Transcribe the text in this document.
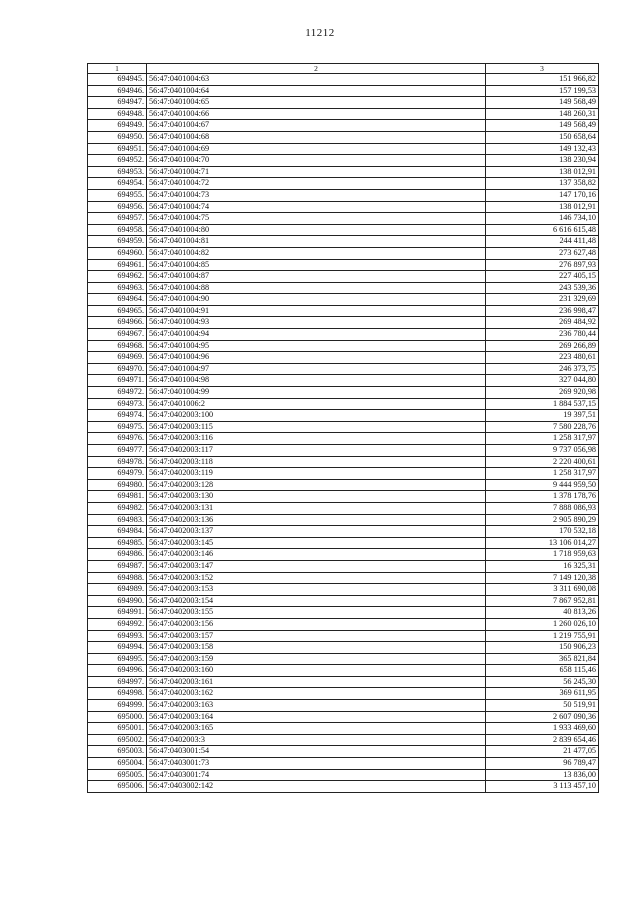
11212
1	2	3
694945.	56:47:0401004:63	151 966,82
694946.	56:47:0401004:64	157 199,53
694947.	56:47:0401004:65	149 568,49
694948.	56:47:0401004:66	148 260,31
694949.	56:47:0401004:67	149 568,49
694950.	56:47:0401004:68	150 658,64
694951.	56:47:0401004:69	149 132,43
694952.	56:47:0401004:70	138 230,94
694953.	56:47:0401004:71	138 012,91
694954.	56:47:0401004:72	137 358,82
694955.	56:47:0401004:73	147 170,16
694956.	56:47:0401004:74	138 012,91
694957.	56:47:0401004:75	146 734,10
694958.	56:47:0401004:80	6 616 615,48
694959.	56:47:0401004:81	244 411,48
694960.	56:47:0401004:82	273 627,48
694961.	56:47:0401004:85	276 897,93
694962.	56:47:0401004:87	227 405,15
694963.	56:47:0401004:88	243 539,36
694964.	56:47:0401004:90	231 329,69
694965.	56:47:0401004:91	236 998,47
694966.	56:47:0401004:93	269 484,92
694967.	56:47:0401004:94	236 780,44
694968.	56:47:0401004:95	269 266,89
694969.	56:47:0401004:96	223 480,61
694970.	56:47:0401004:97	246 373,75
694971.	56:47:0401004:98	327 044,80
694972.	56:47:0401004:99	269 920,98
694973.	56:47:0401006:2	1 884 537,15
694974.	56:47:0402003:100	19 397,51
694975.	56:47:0402003:115	7 580 228,76
694976.	56:47:0402003:116	1 258 317,97
694977.	56:47:0402003:117	9 737 056,98
694978.	56:47:0402003:118	2 220 400,61
694979.	56:47:0402003:119	1 258 317,97
694980.	56:47:0402003:128	9 444 959,50
694981.	56:47:0402003:130	1 378 178,76
694982.	56:47:0402003:131	7 888 086,93
694983.	56:47:0402003:136	2 905 890,29
694984.	56:47:0402003:137	170 532,18
694985.	56:47:0402003:145	13 106 014,27
694986.	56:47:0402003:146	1 718 959,63
694987.	56:47:0402003:147	16 325,31
694988.	56:47:0402003:152	7 149 120,38
694989.	56:47:0402003:153	3 311 690,08
694990.	56:47:0402003:154	7 867 952,81
694991.	56:47:0402003:155	40 813,26
694992.	56:47:0402003:156	1 260 026,10
694993.	56:47:0402003:157	1 219 755,91
694994.	56:47:0402003:158	150 906,23
694995.	56:47:0402003:159	365 821,84
694996.	56:47:0402003:160	658 115,46
694997.	56:47:0402003:161	56 245,30
694998.	56:47:0402003:162	369 611,95
694999.	56:47:0402003:163	50 519,91
695000.	56:47:0402003:164	2 607 090,36
695001.	56:47:0402003:165	1 933 469,60
695002.	56:47:0402003:3	2 839 654,46
695003.	56:47:0403001:54	21 477,05
695004.	56:47:0403001:73	96 789,47
695005.	56:47:0403001:74	13 836,00
695006.	56:47:0403002:142	3 113 457,10
